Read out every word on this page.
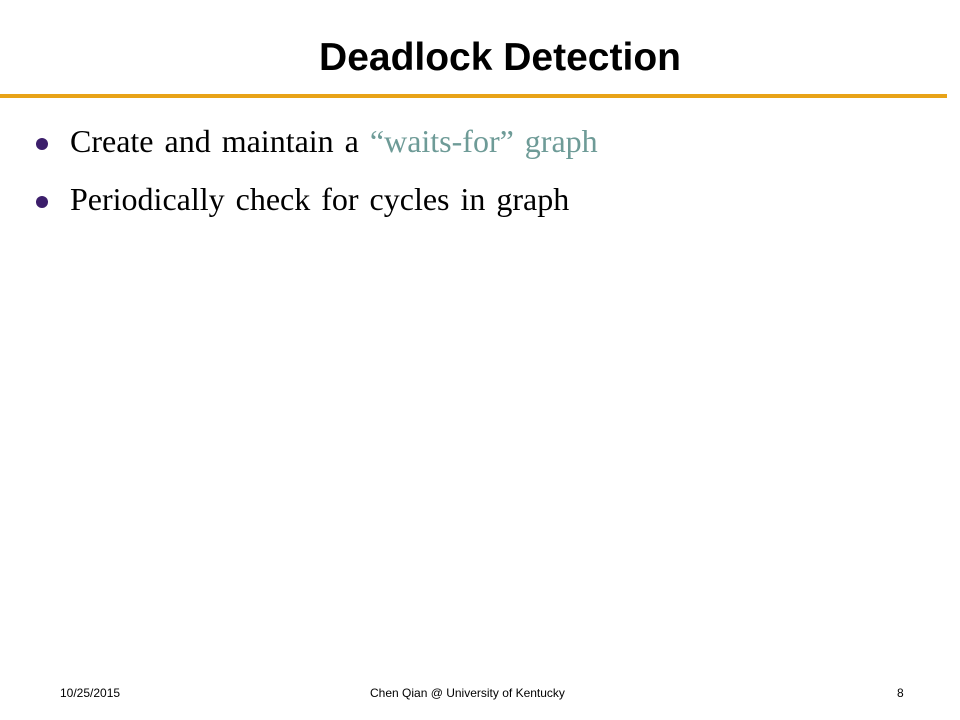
Deadlock Detection
Create and maintain a “waits-for” graph
Periodically check for cycles in graph
10/25/2015	Chen Qian @ University of Kentucky	8
